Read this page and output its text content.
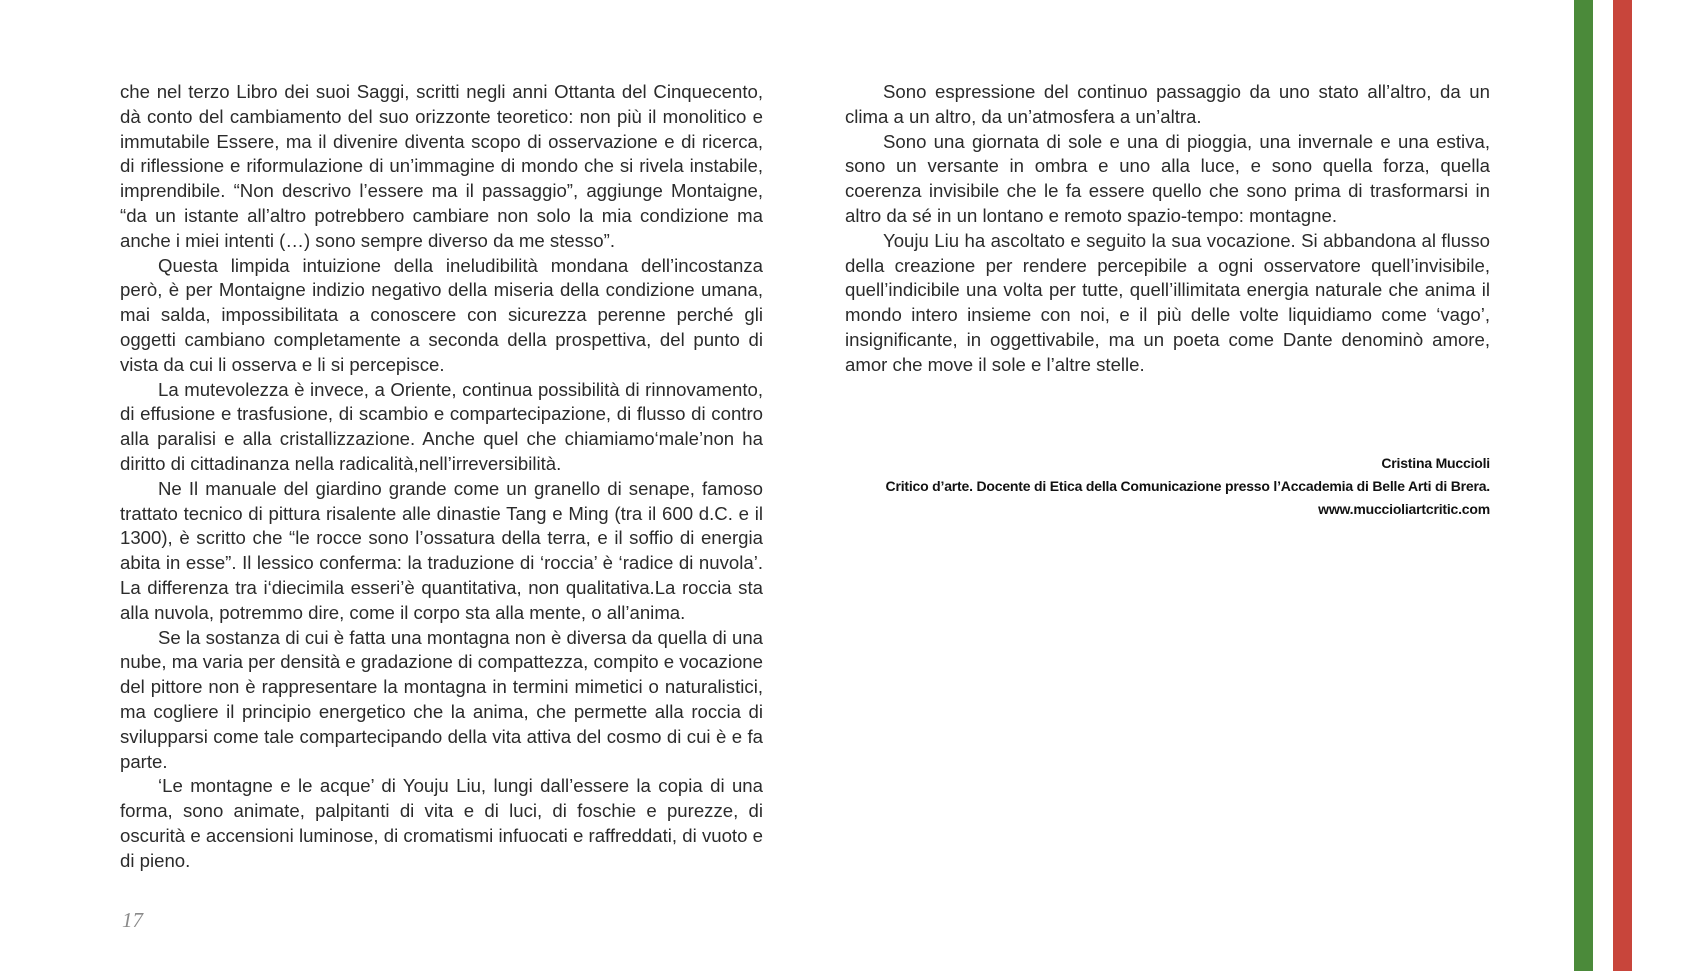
che nel terzo Libro dei suoi Saggi, scritti negli anni Ottanta del Cinquecento, dà conto del cambiamento del suo orizzonte teoretico: non più il monolitico e immutabile Essere, ma il divenire diventa scopo di osservazione e di ricerca, di riflessione e riformulazione di un’immagine di mondo che si rivela instabile, imprendibile. “Non descrivo l’essere ma il passaggio”, aggiunge Montaigne, “da un istante all’altro potrebbero cambiare non solo la mia condizione ma anche i miei intenti (…) sono sempre diverso da me stesso”.

Questa limpida intuizione della ineludibilità mondana dell’incostanza però, è per Montaigne indizio negativo della miseria della condizione umana, mai salda, impossibilitata a conoscere con sicurezza perenne perché gli oggetti cambiano completamente a seconda della prospettiva, del punto di vista da cui li osserva e li si percepisce.

La mutevolezza è invece, a Oriente, continua possibilità di rinnovamento, di effusione e trasfusione, di scambio e compartecipazione, di flusso di contro alla paralisi e alla cristallizzazione. Anche quel che chiamiamo‘male’non ha diritto di cittadinanza nella radicalità,nell’irreversibilità.

Ne Il manuale del giardino grande come un granello di senape, famoso trattato tecnico di pittura risalente alle dinastie Tang e Ming (tra il 600 d.C. e il 1300), è scritto che “le rocce sono l’ossatura della terra, e il soffio di energia abita in esse”. Il lessico conferma: la traduzione di ‘roccia’ è ‘radice di nuvola’. La differenza tra i‘diecimila esseri’è quantitativa, non qualitativa.La roccia sta alla nuvola, potremmo dire, come il corpo sta alla mente, o all’anima.

Se la sostanza di cui è fatta una montagna non è diversa da quella di una nube, ma varia per densità e gradazione di compattezza, compito e vocazione del pittore non è rappresentare la montagna in termini mimetici o naturalistici, ma cogliere il principio energetico che la anima, che permette alla roccia di svilupparsi come tale compartecipando della vita attiva del cosmo di cui è e fa parte.

‘Le montagne e le acque’ di Youju Liu, lungi dall’essere la copia di una forma, sono animate, palpitanti di vita e di luci, di foschie e purezze, di oscurità e accensioni luminose, di cromatismi infuocati e raffreddati, di vuoto e di pieno.

Sono espressione del continuo passaggio da uno stato all’altro, da un clima a un altro, da un’atmosfera a un’altra.

Sono una giornata di sole e una di pioggia, una invernale e una estiva, sono un versante in ombra e uno alla luce, e sono quella forza, quella coerenza invisibile che le fa essere quello che sono prima di trasformarsi in altro da sé in un lontano e remoto spazio-tempo: montagne.

Youju Liu ha ascoltato e seguito la sua vocazione. Si abbandona al flusso della creazione per rendere percepibile a ogni osservatore quell’invisibile, quell’indicibile una volta per tutte, quell’illimitata energia naturale che anima il mondo intero insieme con noi, e il più delle volte liquidiamo come ‘vago’, insignificante, in oggettivabile, ma un poeta come Dante denominò amore, amor che move il sole e l’altre stelle.

Cristina Muccioli
Critico d’arte. Docente di Etica della Comunicazione presso l’Accademia di Belle Arti di Brera.
www.muccioliartcritic.com
17
